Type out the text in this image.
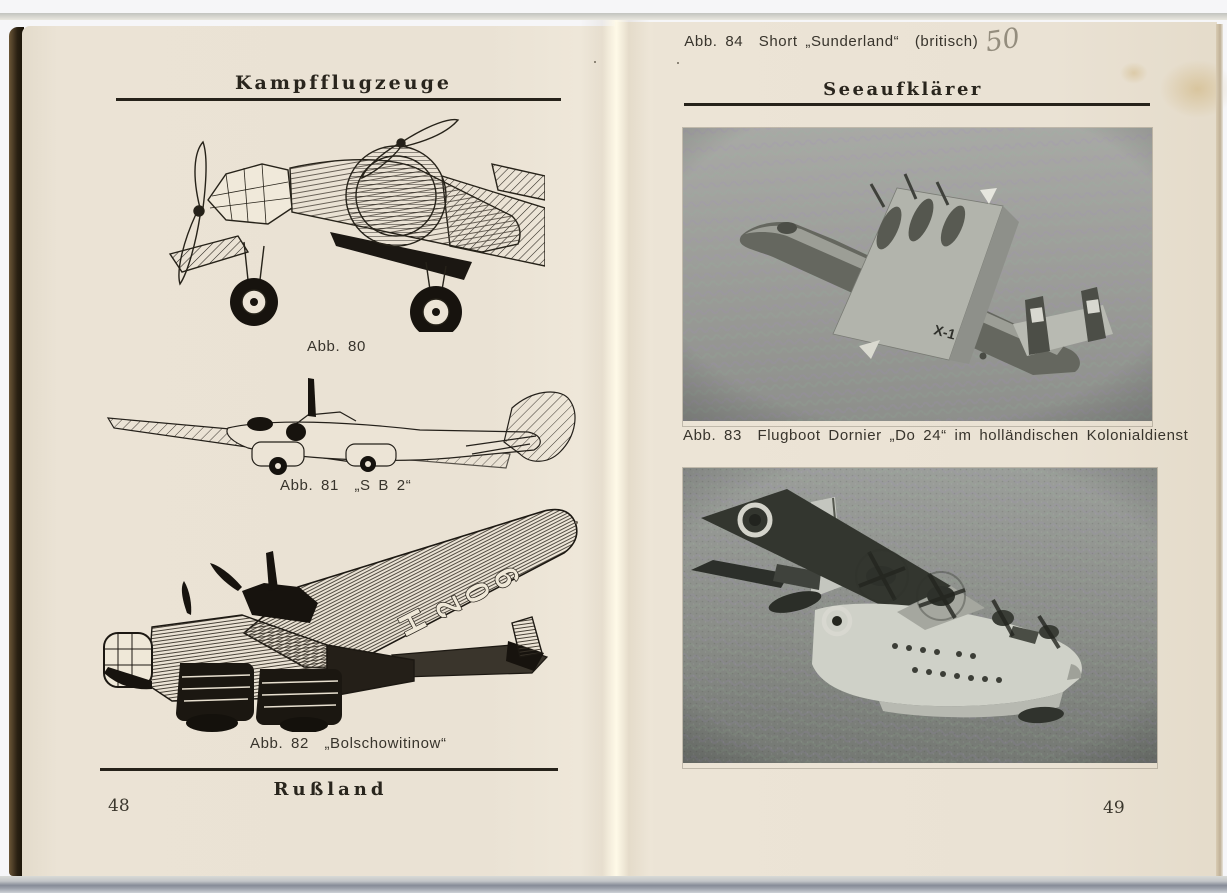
Kampfflugzeuge
Abb. 80
Abb. 81  „S B 2“
H209
Abb. 82  „Bolschowitinow“
Rußland
48
Seeaufklärer
Abb. 83  Flugboot Dornier „Do 24“ im holländischen Kolonialdienst
Abb. 84  Short „Sunderland“  (britisch) 50
49
